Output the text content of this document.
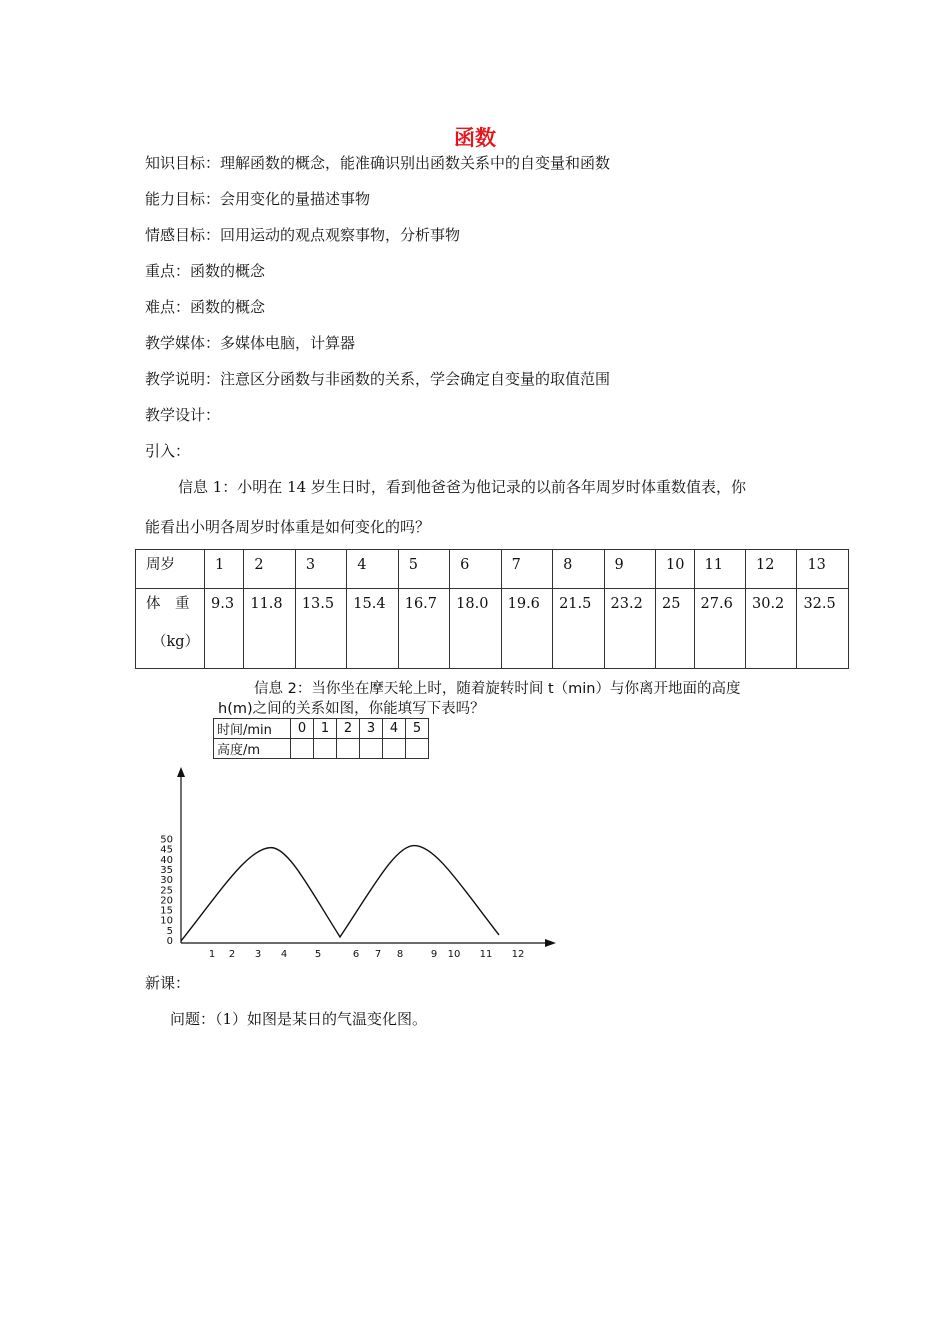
函数
知识目标：理解函数的概念，能准确识别出函数关系中的自变量和函数
能力目标：会用变化的量描述事物
情感目标：回用运动的观点观察事物，分析事物
重点：函数的概念
难点：函数的概念
教学媒体：多媒体电脑，计算器
教学说明：注意区分函数与非函数的关系，学会确定自变量的取值范围
教学设计：
引入：
信息 1：小明在 14 岁生日时，看到他爸爸为他记录的以前各年周岁时体重数值表，你
能看出小明各周岁时体重是如何变化的吗？
周岁	1	2	3	4	5	6	7	8	9	10	11	12	13

体　重
（kg）	9.3	11.8	13.5	15.4	16.7	18.0	19.6	21.5	23.2	25	27.6	30.2	32.5
信息 2：当你坐在摩天轮上时，随着旋转时间 t（min）与你离开地面的高度
h(m)之间的关系如图，你能填写下表吗？
时间/min	0	1	2	3	4	5
高度/m						
0
5
10
15
20
25
30
35
40
45
50
1 2 3 4	5	6 7 8	9 10 11 12
新课：
问题：（1）如图是某日的气温变化图。
